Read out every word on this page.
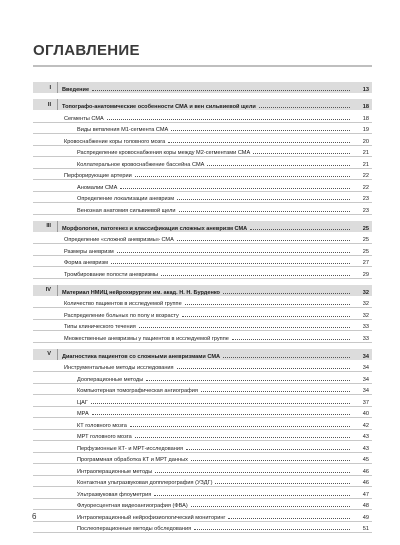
ОГЛАВЛЕНИЕ
I	Введение	13
II	Топографо-анатомические особенности СМА и вен сильвиевой щели	18
Сегменты СМА	18
Виды ветвления М1-сегмента СМА	19
Кровоснабжение коры головного мозга	20
Распределение кровоснабжения коры между М2-сегментами СМА	21
Коллатеральное кровоснабжение бассейна СМА	21
Перфорирующие артерии	22
Аномалии СМА	22
Определение локализации аневризм	23
Венозная анатомия сильвиевой щели	23
III	Морфология, патогенез и классификация сложных аневризм СМА	25
Определение «сложной аневризмы» СМА	25
Размеры аневризм	25
Форма аневризм	27
Тромбирование полости аневризмы	29
IV	Материал НМИЦ нейрохирургии им. акад. Н. Н. Бурденко	32
Количество пациентов в исследуемой группе	32
Распределение больных по полу и возрасту	32
Типы клинического течения	33
Множественные аневризмы у пациентов в исследуемой группе	33
V	Диагностика пациентов со сложными аневризмами СМА	34
Инструментальные методы исследования	34
Дооперационные методы	34
Компьютерная томографическая ангиография	34
ЦАГ	37
МРА	40
КТ головного мозга	42
МРТ головного мозга	43
Перфузионные КТ- и МРТ-исследования	43
Программная обработка КТ и МРТ данных	45
Интраоперационные методы	46
Контактная ультразвуковая допплерография (УЗДГ)	46
Ультразвуковая флоуметрия	47
Флуоресцентная видеоангиография (ФВА)	48
Интраоперационный нейрофизиологический мониторинг	49
Послеоперационные методы обследования	51
6
